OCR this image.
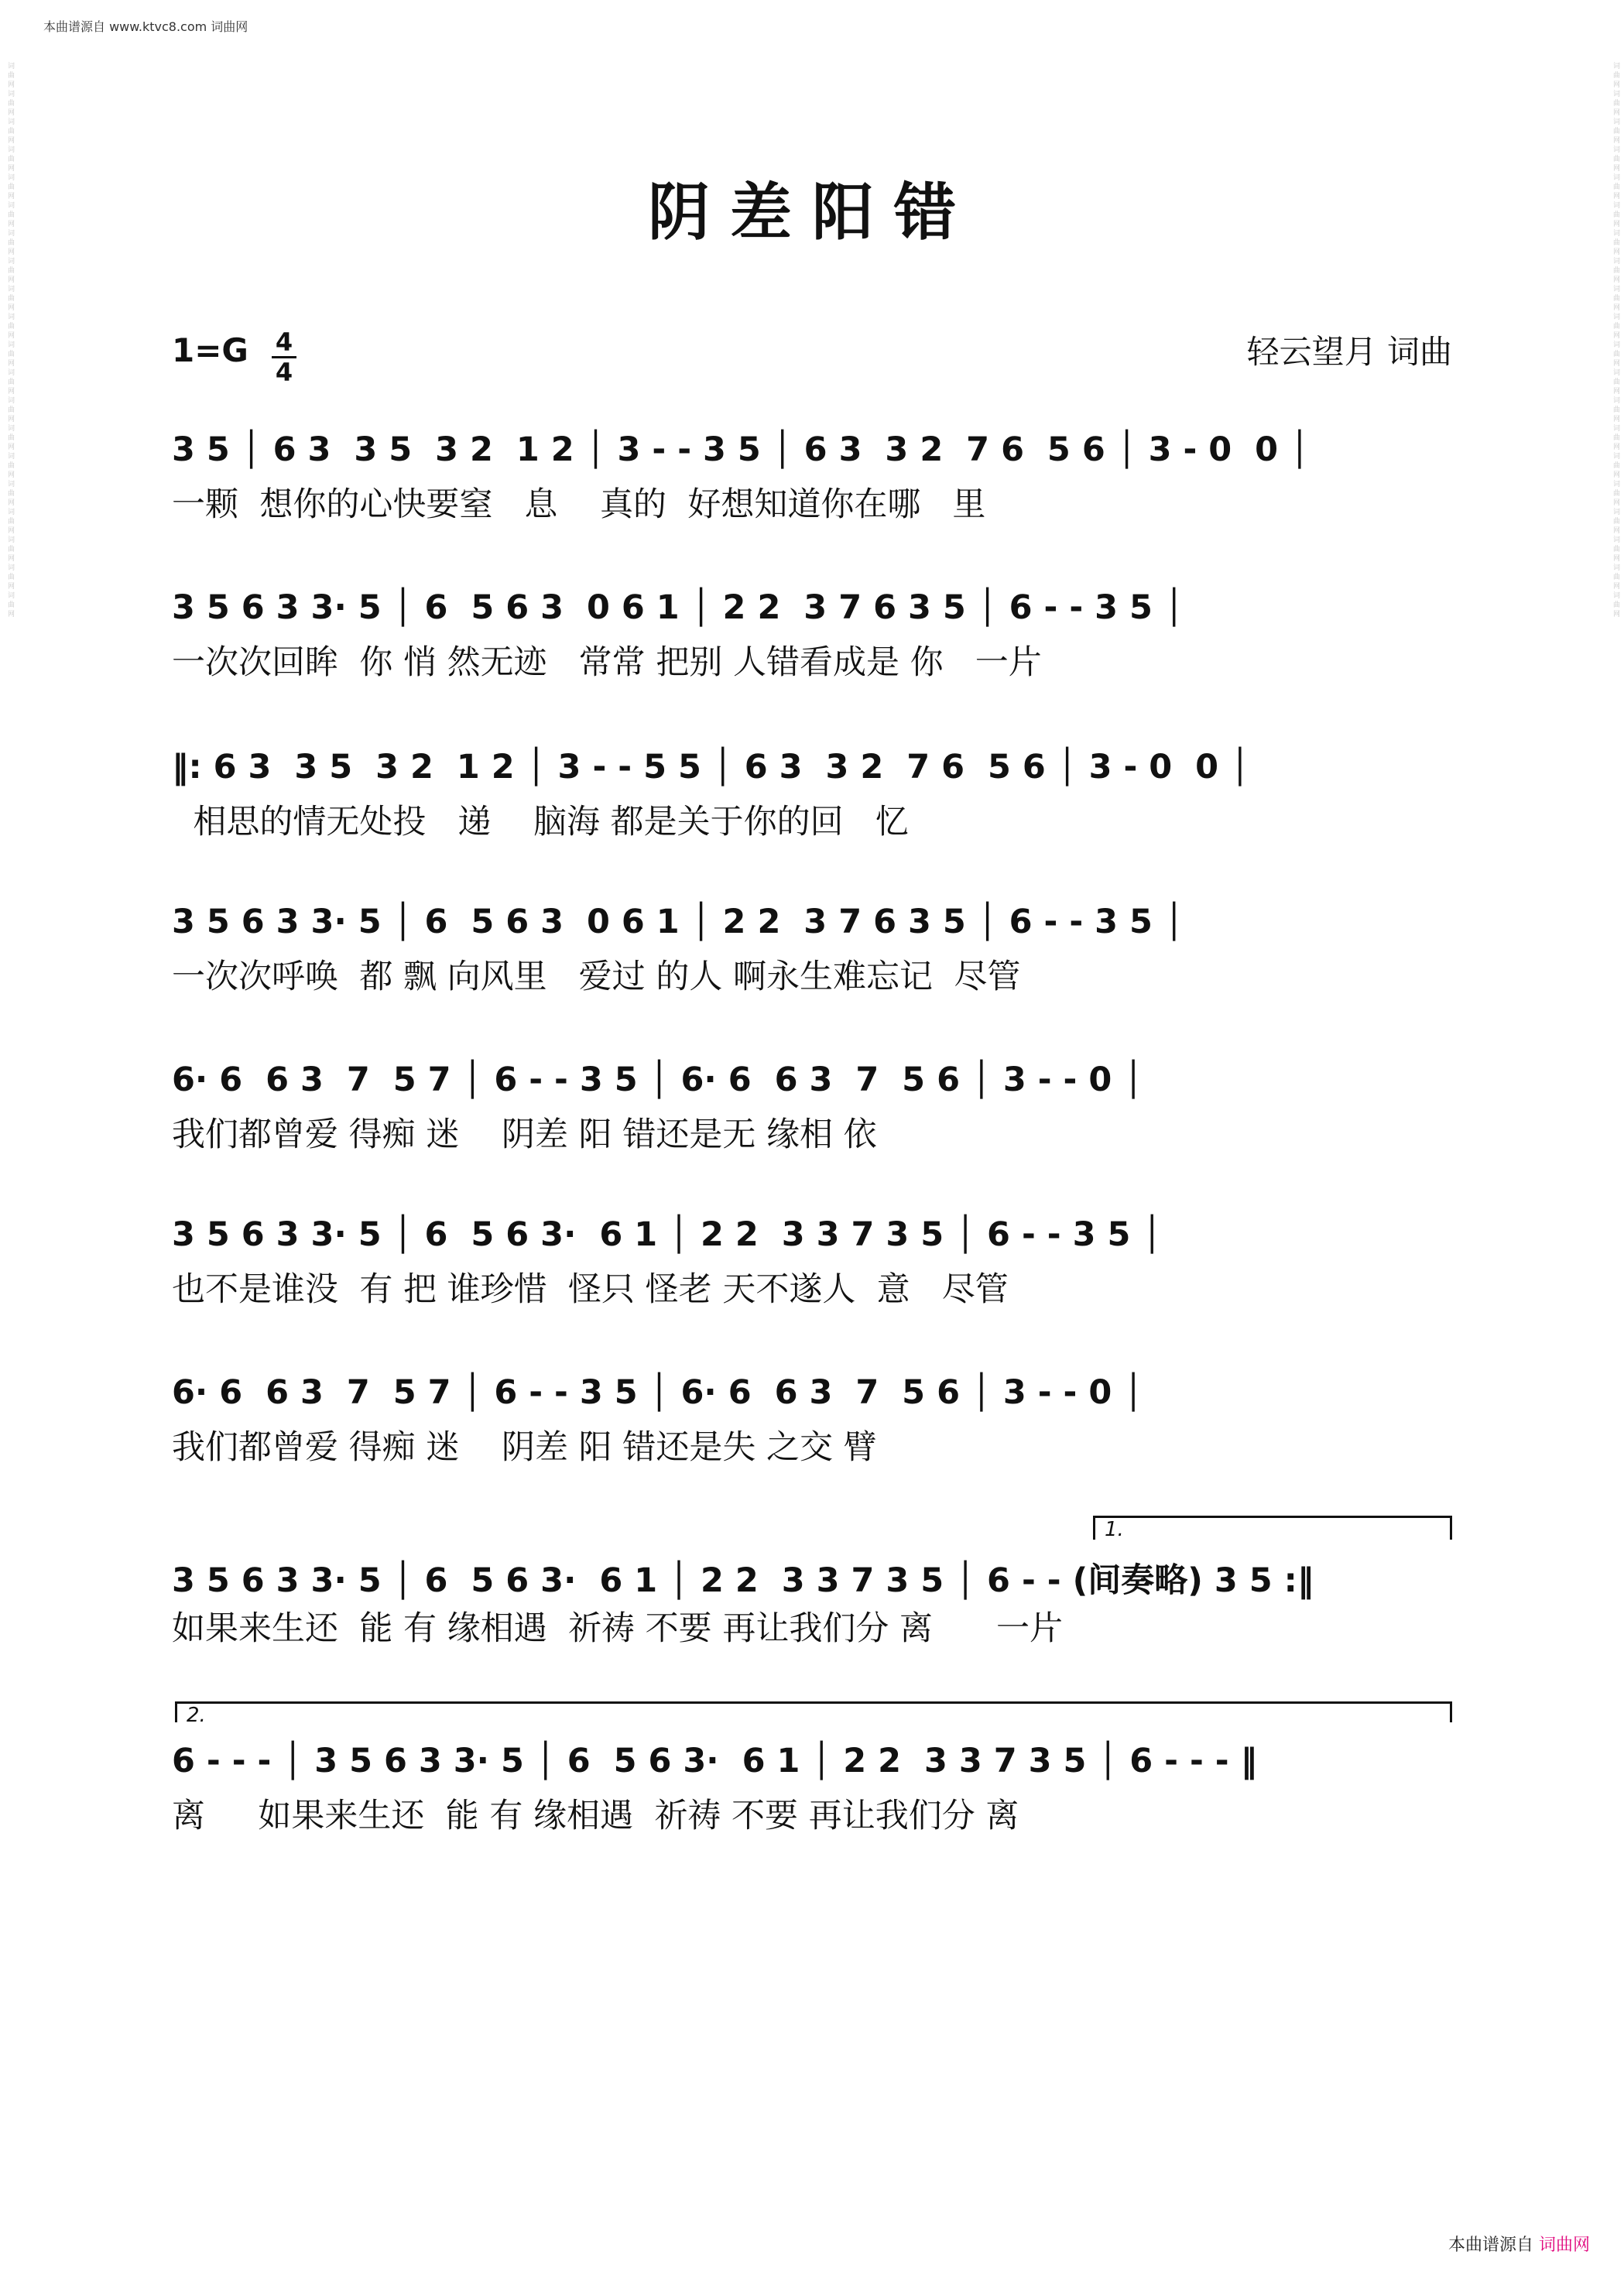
本曲谱源自 www.ktvc8.com 词曲网
词曲网词曲网词曲网词曲网词曲网词曲网词曲网词曲网词曲网词曲网词曲网词曲网词曲网词曲网词曲网词曲网词曲网词曲网词曲网词曲网	词曲网词曲网词曲网词曲网词曲网词曲网词曲网词曲网词曲网词曲网词曲网词曲网词曲网词曲网词曲网词曲网词曲网词曲网词曲网词曲网
阴差阳错
1=G 4
4
轻云望月 词曲
3 5 │ 6 3  3 5  3 2  1 2 │ 3 - - 3 5 │ 6 3  3 2  7 6  5 6 │ 3 - 0  0 │
一颗  想你的心快要窒   息    真的  好想知道你在哪   里
3 5 6 3 3· 5 │ 6  5 6 3  0 6 1 │ 2 2  3 7 6 3 5 │ 6 - - 3 5 │
一次次回眸  你 悄 然无迹   常常 把别 人错看成是 你   一片
‖: 6 3  3 5  3 2  1 2 │ 3 - - 5 5 │ 6 3  3 2  7 6  5 6 │ 3 - 0  0 │
相思的情无处投   递    脑海 都是关于你的回   忆
3 5 6 3 3· 5 │ 6  5 6 3  0 6 1 │ 2 2  3 7 6 3 5 │ 6 - - 3 5 │
一次次呼唤  都 飘 向风里   爱过 的人 啊永生难忘记  尽管
6· 6  6 3  7  5 7 │ 6 - - 3 5 │ 6· 6  6 3  7  5 6 │ 3 - - 0 │
我们都曾爱 得痴 迷    阴差 阳 错还是无 缘相 依
3 5 6 3 3· 5 │ 6  5 6 3·  6 1 │ 2 2  3 3 7 3 5 │ 6 - - 3 5 │
也不是谁没  有 把 谁珍惜  怪只 怪老 天不遂人  意   尽管
6· 6  6 3  7  5 7 │ 6 - - 3 5 │ 6· 6  6 3  7  5 6 │ 3 - - 0 │
我们都曾爱 得痴 迷    阴差 阳 错还是失 之交 臂
1.
3 5 6 3 3· 5 │ 6  5 6 3·  6 1 │ 2 2  3 3 7 3 5 │ 6 - - (间奏略) 3 5 :‖
如果来生还  能 有 缘相遇  祈祷 不要 再让我们分 离      一片
2.
6 - - - │ 3 5 6 3 3· 5 │ 6  5 6 3·  6 1 │ 2 2  3 3 7 3 5 │ 6 - - - ‖
离     如果来生还  能 有 缘相遇  祈祷 不要 再让我们分 离
本曲谱源自 词曲网
